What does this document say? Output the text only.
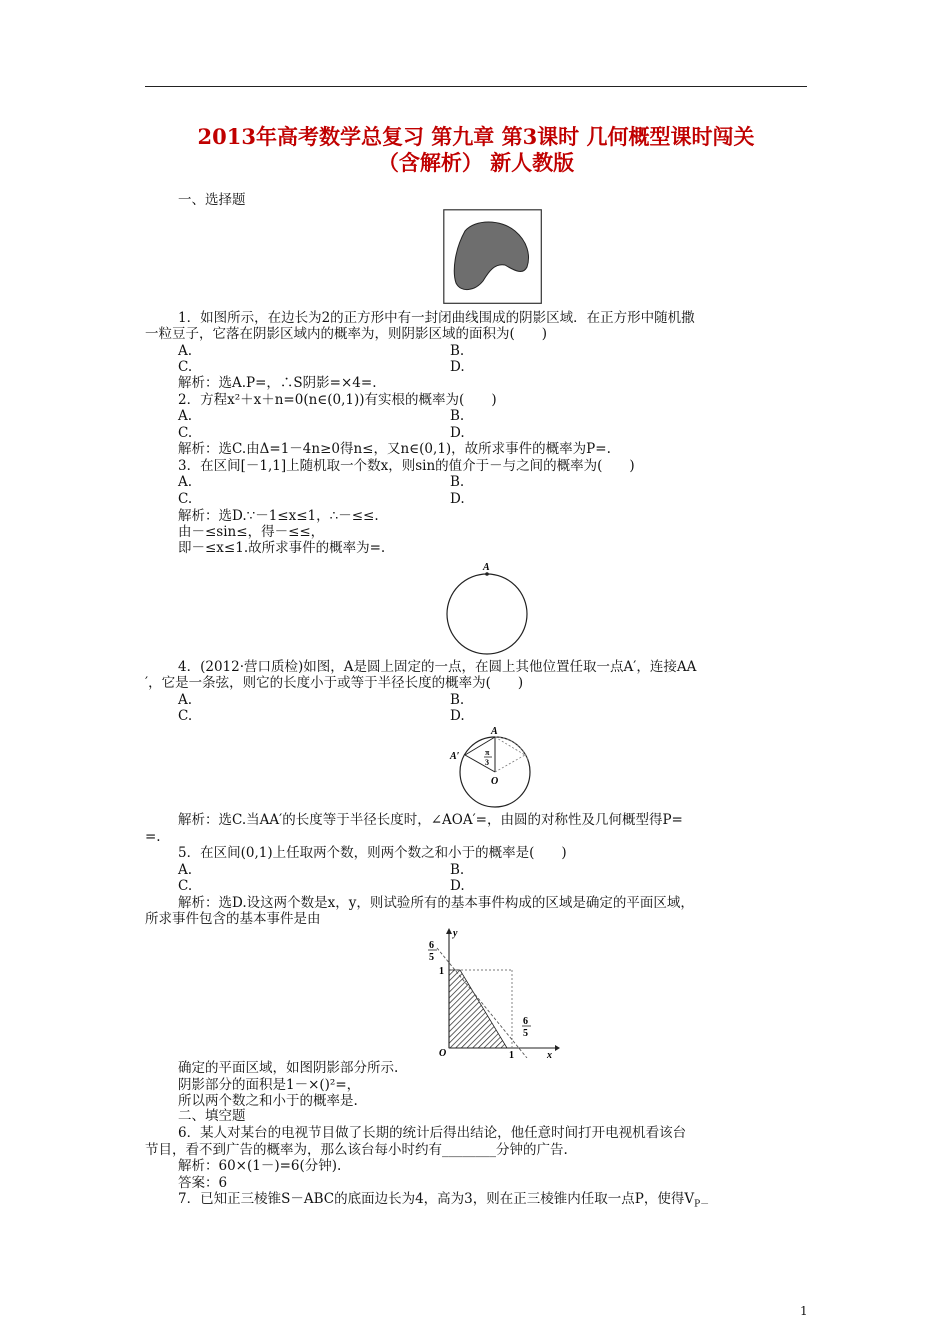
2013年高考数学总复习 第九章 第3课时 几何概型课时闯关
（含解析） 新人教版
一、选择题
1．如图所示，在边长为2的正方形中有一封闭曲线围成的阴影区域．在正方形中随机撒
一粒豆子，它落在阴影区域内的概率为，则阴影区域的面积为(　　)
A.	B.
C.	D.
解析：选A.P=，∴S阴影=×4=.
2．方程x²＋x＋n=0(n∈(0,1))有实根的概率为(　　)
A.	B.
C.	D.
解析：选C.由Δ=1－4n≥0得n≤，又n∈(0,1)，故所求事件的概率为P=.
3．在区间[－1,1]上随机取一个数x，则sin的值介于－与之间的概率为(　　)
A.	B.
C.	D.
解析：选D.∵－1≤x≤1，∴－≤≤.
由－≤sin≤，得－≤≤，
即－≤x≤1.故所求事件的概率为=.
A
4．(2012·营口质检)如图，A是圆上固定的一点，在圆上其他位置任取一点A′，连接AA
′，它是一条弦，则它的长度小于或等于半径长度的概率为(　　)
A.	B.
C.	D.
A
A′
O
π
3
解析：选C.当AA′的长度等于半径长度时，∠AOA′=，由圆的对称性及几何概型得P=
=.
5．在区间(0,1)上任取两个数，则两个数之和小于的概率是(　　)
A.	B.
C.	D.
解析：选D.设这两个数是x，y，则试验所有的基本事件构成的区域是确定的平面区域，
所求事件包含的基本事件是由
y
x
O
6
5
1
6
5
1
确定的平面区域，如图阴影部分所示.
阴影部分的面积是1－×()²=，
所以两个数之和小于的概率是.
二、填空题
6．某人对某台的电视节目做了长期的统计后得出结论，他任意时间打开电视机看该台
节目，看不到广告的概率为，那么该台每小时约有________分钟的广告.
解析：60×(1－)=6(分钟).
答案：6
7．已知正三棱锥S－ABC的底面边长为4，高为3，则在正三棱锥内任取一点P，使得$V_{P-}$
1
